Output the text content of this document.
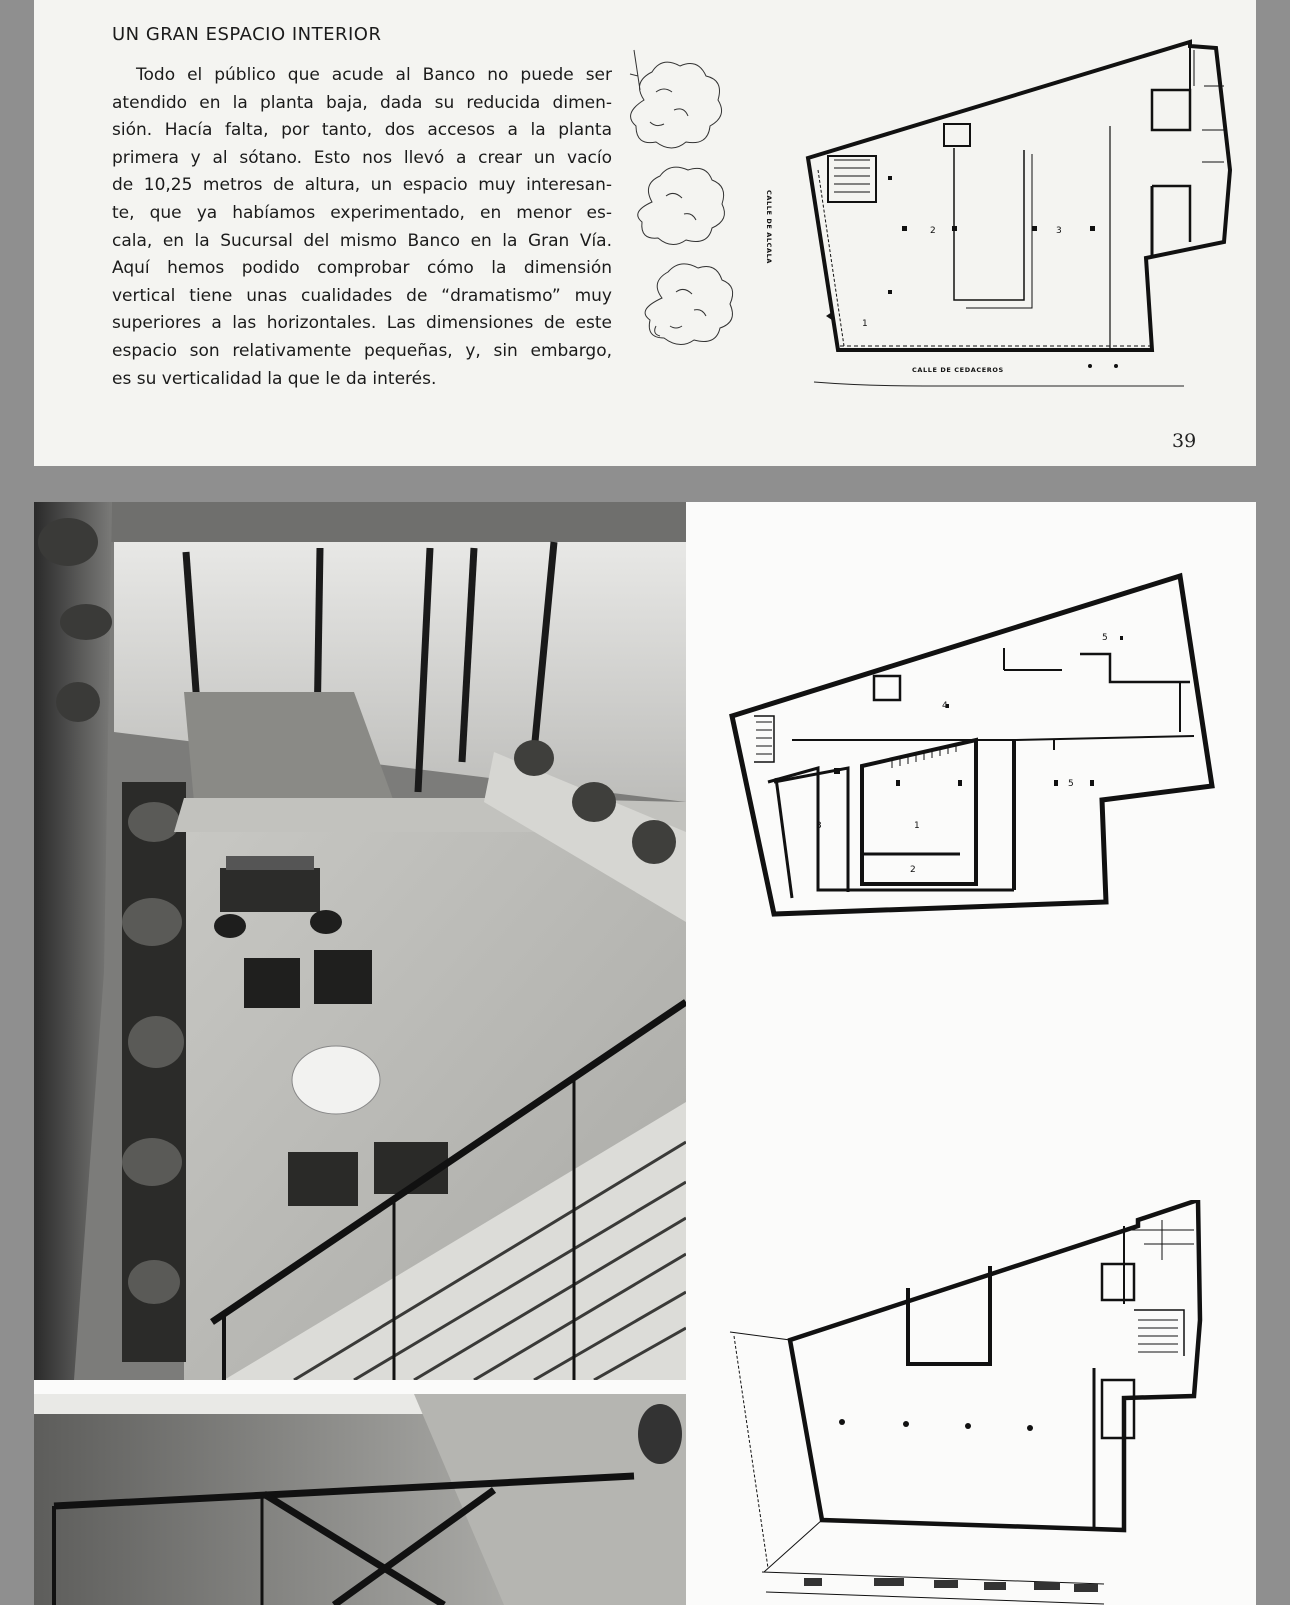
UN GRAN ESPACIO INTERIOR
Todo el público que acude al Banco no puede ser
atendido en la planta baja, dada su reducida dimen-
sión. Hacía falta, por tanto, dos accesos a la planta
primera y al sótano. Esto nos llevó a crear un vacío
de 10,25 metros de altura, un espacio muy interesan-
te, que ya habíamos experimentado, en menor es-
cala, en la Sucursal del mismo Banco en la Gran Vía.
Aquí hemos podido comprobar cómo la dimensión
vertical tiene unas cualidades de “dramatismo” muy
superiores a las horizontales. Las dimensiones de este
espacio son relativamente pequeñas, y, sin embargo,
es su verticalidad la que le da interés.
CALLE DE ALCALA	2	3
1
CALLE DE CEDACEROS
39
1
2
3
4
5
5
